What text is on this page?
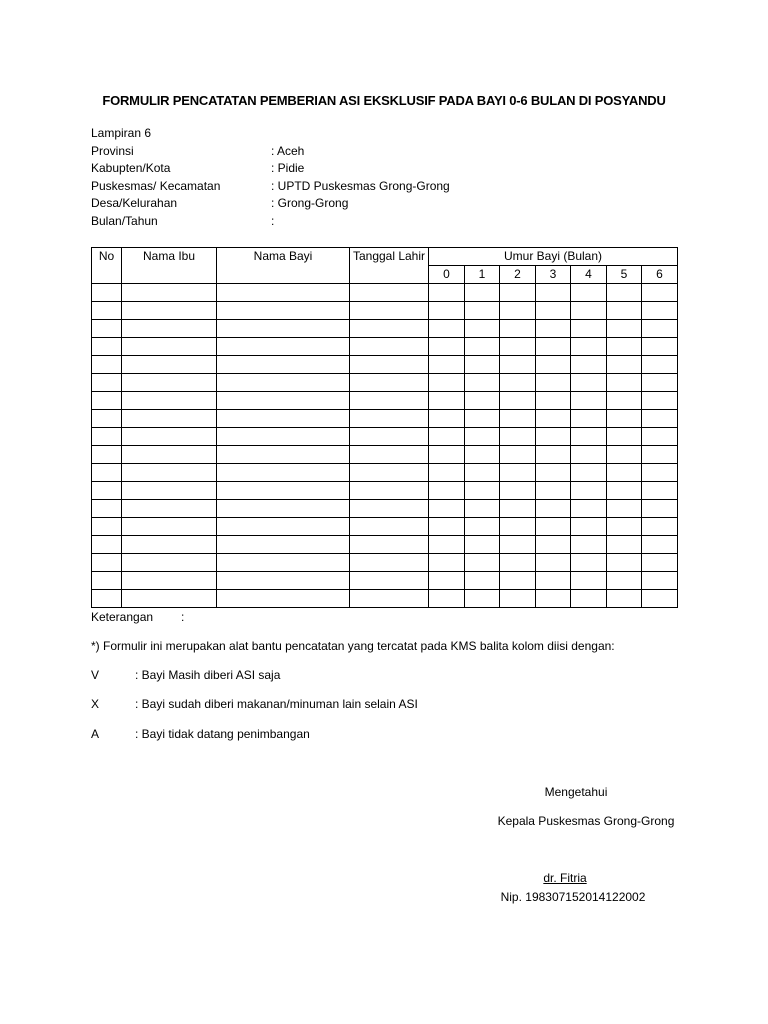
FORMULIR PENCATATAN PEMBERIAN ASI EKSKLUSIF PADA BAYI 0-6 BULAN DI POSYANDU
Lampiran 6
Provinsi	: Aceh
Kabupten/Kota	: Pidie
Puskesmas/ Kecamatan	: UPTD Puskesmas Grong-Grong
Desa/Kelurahan	: Grong-Grong
Bulan/Tahun	:
No	Nama Ibu	Nama Bayi	Tanggal Lahir	Umur Bayi (Bulan)						
				0	1	2	3	4	5	6

Keterangan :
*) Formulir ini merupakan alat bantu pencatatan yang tercatat pada KMS balita kolom diisi dengan:
V	: Bayi Masih diberi ASI saja
X	: Bayi sudah diberi makanan/minuman lain selain ASI
A	: Bayi tidak datang penimbangan
Mengetahui
Kepala Puskesmas Grong-Grong
dr. Fitria
Nip. 198307152014122002
